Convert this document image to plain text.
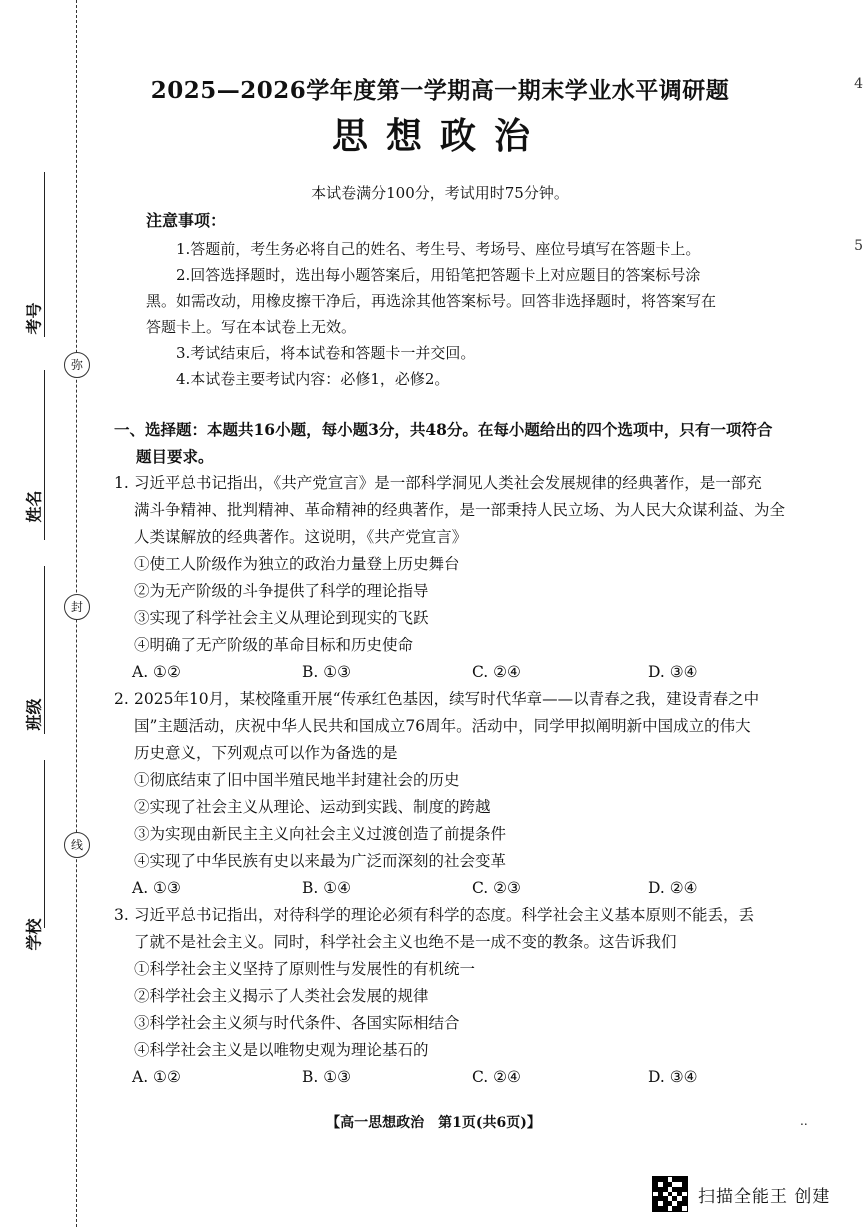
考号
姓名
班级
学校
弥
封
线
4
5
2025—2026学年度第一学期高一期末学业水平调研题
思想政治
本试卷满分100分，考试用时75分钟。
注意事项：

1.答题前，考生务必将自己的姓名、考生号、考场号、座位号填写在答题卡上。

2.回答选择题时，选出每小题答案后，用铅笔把答题卡上对应题目的答案标号涂

黑。如需改动，用橡皮擦干净后，再选涂其他答案标号。回答非选择题时，将答案写在

答题卡上。写在本试卷上无效。

3.考试结束后，将本试卷和答题卡一并交回。

4.本试卷主要考试内容：必修1，必修2。

一、选择题：本题共16小题，每小题3分，共48分。在每小题给出的四个选项中，只有一项符合
题目要求。

1. 习近平总书记指出，《共产党宣言》是一部科学洞见人类社会发展规律的经典著作，是一部充

满斗争精神、批判精神、革命精神的经典著作，是一部秉持人民立场、为人民大众谋利益、为全

人类谋解放的经典著作。这说明，《共产党宣言》

①使工人阶级作为独立的政治力量登上历史舞台

②为无产阶级的斗争提供了科学的理论指导

③实现了科学社会主义从理论到现实的飞跃

④明确了无产阶级的革命目标和历史使命

A. ①②	B. ①③	C. ②④	D. ③④

2. 2025年10月，某校隆重开展“传承红色基因，续写时代华章——以青春之我，建设青春之中

国”主题活动，庆祝中华人民共和国成立76周年。活动中，同学甲拟阐明新中国成立的伟大

历史意义，下列观点可以作为备选的是

①彻底结束了旧中国半殖民地半封建社会的历史

②实现了社会主义从理论、运动到实践、制度的跨越

③为实现由新民主主义向社会主义过渡创造了前提条件

④实现了中华民族有史以来最为广泛而深刻的社会变革

A. ①③	B. ①④	C. ②③	D. ②④

3. 习近平总书记指出，对待科学的理论必须有科学的态度。科学社会主义基本原则不能丢，丢

了就不是社会主义。同时，科学社会主义也绝不是一成不变的教条。这告诉我们

①科学社会主义坚持了原则性与发展性的有机统一

②科学社会主义揭示了人类社会发展的规律

③科学社会主义须与时代条件、各国实际相结合

④科学社会主义是以唯物史观为理论基石的

A. ①②	B. ①③	C. ②④	D. ③④
【高一思想政治　第1页(共6页)】	..
扫描全能王 创建
